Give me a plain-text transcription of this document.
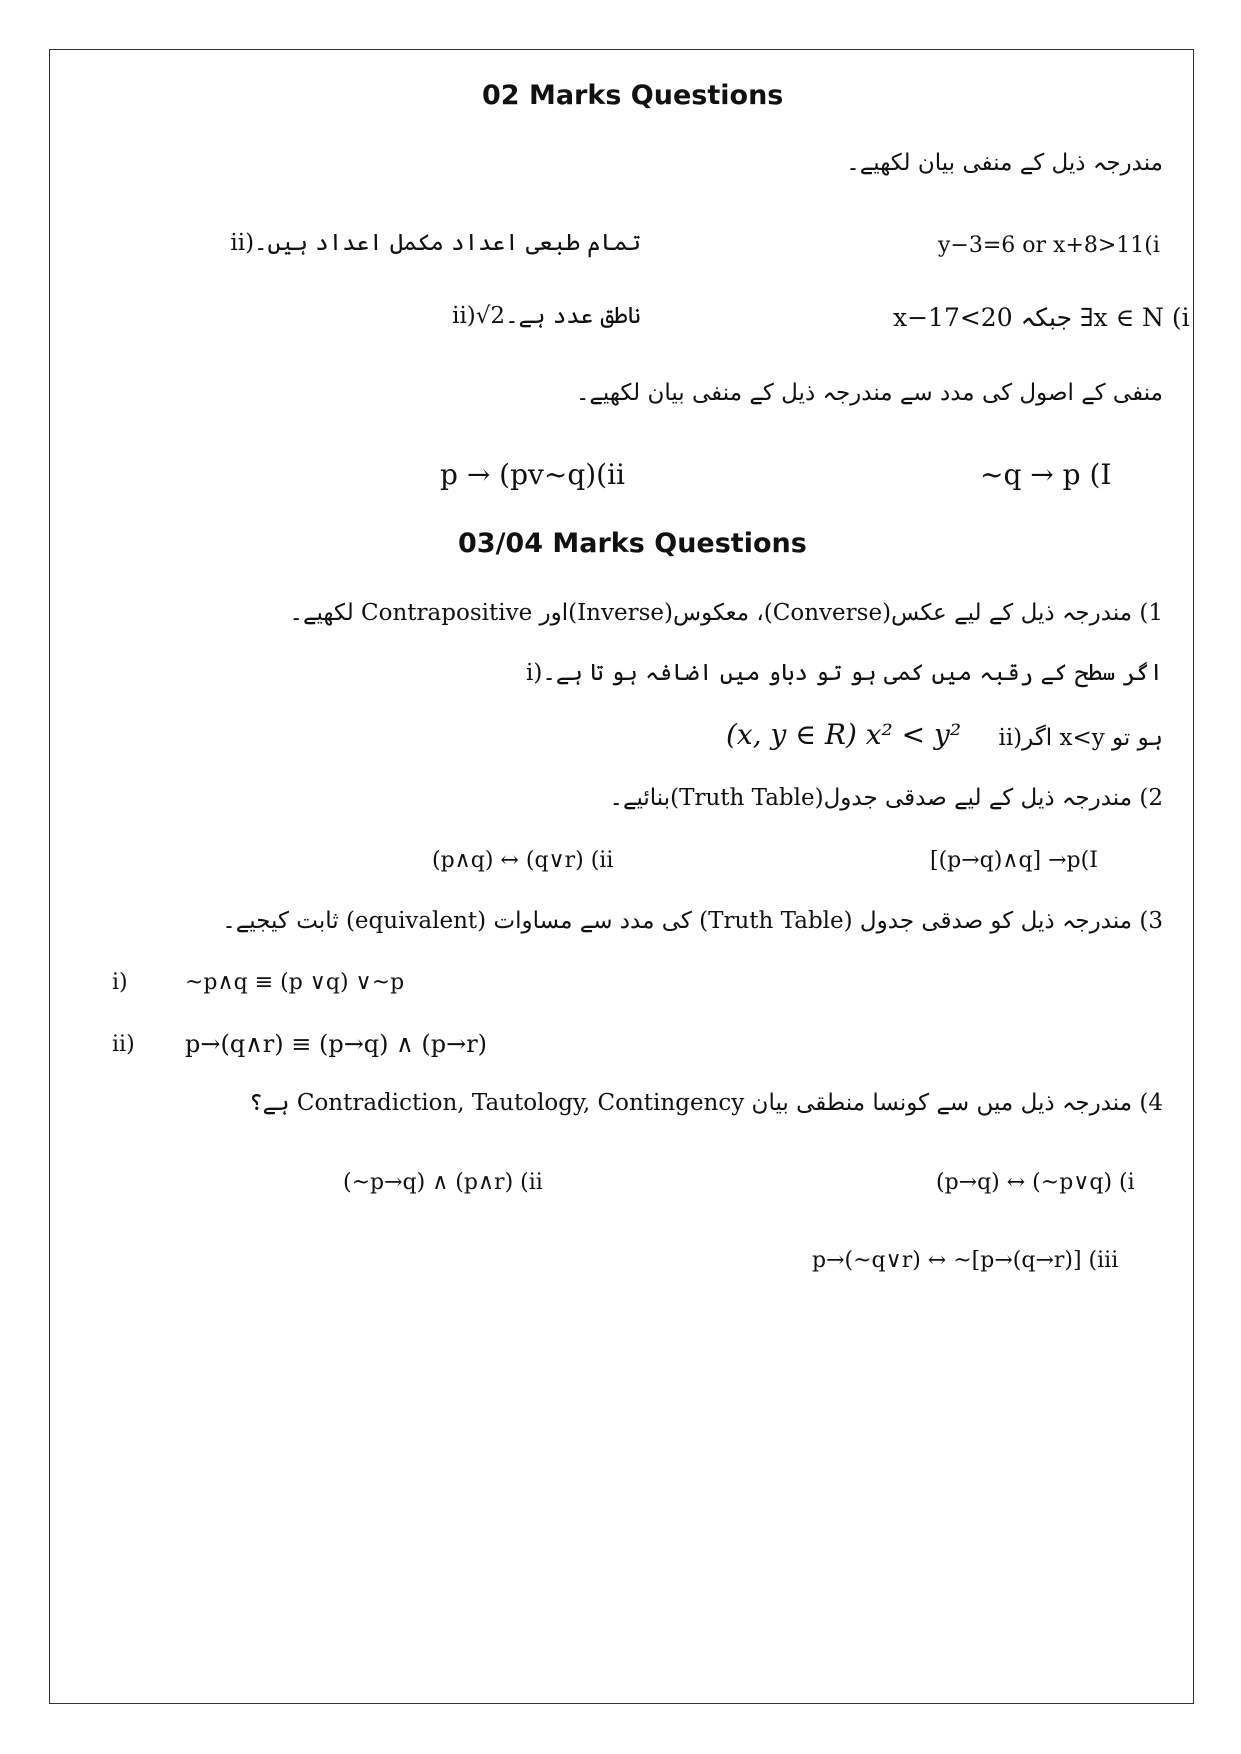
02 Marks Questions
مندرجہ ذیل کے منفی بیان لکھیے۔
y−3=6 or x+8>11(i
ii)تمام طبعی اعداد مکمل اعداد ہیں۔
x−17<20 جبکہ ∃x ∈ N (i
ii)√2ناطق عدد ہے۔
منفی کے اصول کی مدد سے مندرجہ ذیل کے منفی بیان لکھیے۔
~q → p (I
p → (pv~q)(ii
03/04 Marks Questions
1) مندرجہ ذیل کے لیے عکس(Converse)، معکوس(Inverse)اور Contrapositive لکھیے۔
i)اگر سطح کے رقبہ میں کمی ہو تو دباو میں اضافہ ہو تا ہے۔
ii)اگر x<y ہو تو
(x, y ∈ R) x² < y²
2) مندرجہ ذیل کے لیے صدقی جدول(Truth Table)بنائیے۔
[(p→q)∧q] →p(I
(p∧q) ↔ (q∨r) (ii
3) مندرجہ ذیل کو صدقی جدول (Truth Table) کی مدد سے مساوات (equivalent) ثابت کیجیے۔
i)	~p∧q ≡ (p ∨q) ∨~p
ii) p→(q∧r) ≡ (p→q) ∧ (p→r)
4) مندرجہ ذیل میں سے کونسا منطقی بیان Contradiction, Tautology, Contingency ہے؟
(p→q) ↔ (~p∨q) (i
(~p→q) ∧ (p∧r) (ii
p→(~q∨r) ↔ ~[p→(q→r)] (iii
